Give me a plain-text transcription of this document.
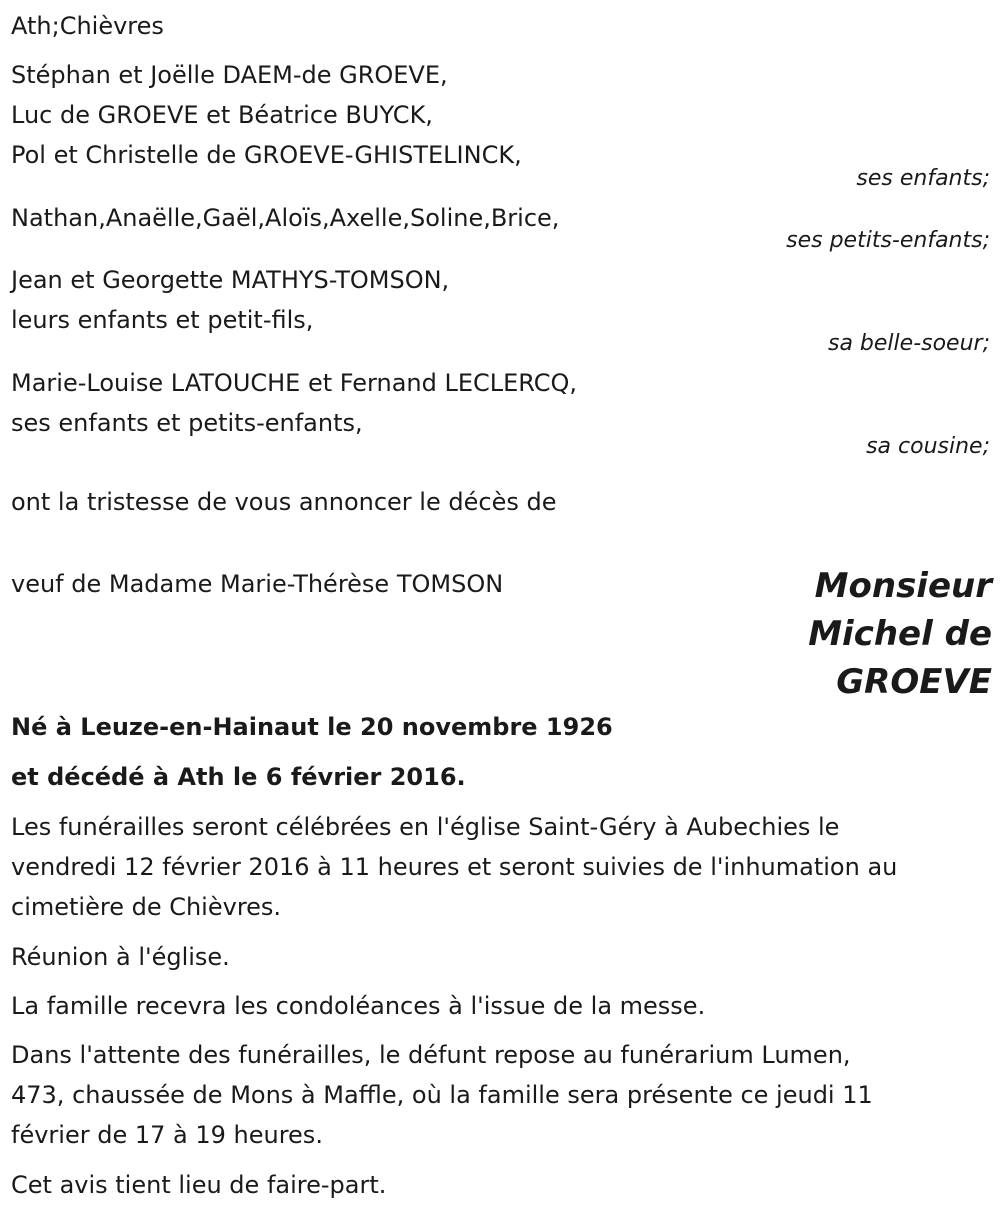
Ath;Chièvres
Stéphan et Joëlle DAEM-de GROEVE,
Luc de GROEVE et Béatrice BUYCK,
Pol et Christelle de GROEVE-GHISTELINCK,
ses enfants;
Nathan,Anaëlle,Gaël,Aloïs,Axelle,Soline,Brice,
ses petits-enfants;
Jean et Georgette MATHYS-TOMSON,
leurs enfants et petit-fils,
sa belle-soeur;
Marie-Louise LATOUCHE et Fernand LECLERCQ,
ses enfants et petits-enfants,
sa cousine;
ont la tristesse de vous annoncer le décès de
veuf de Madame Marie-Thérèse TOMSON	Monsieur
Michel de
GROEVE
Né à Leuze-en-Hainaut le 20 novembre 1926
et décédé à Ath le 6 février 2016.
Les funérailles seront célébrées en l'église Saint-Géry à Aubechies le
vendredi 12 février 2016 à 11 heures et seront suivies de l'inhumation au
cimetière de Chièvres.
Réunion à l'église.
La famille recevra les condoléances à l'issue de la messe.
Dans l'attente des funérailles, le défunt repose au funérarium Lumen,
473, chaussée de Mons à Maffle, où la famille sera présente ce jeudi 11
février de 17 à 19 heures.
Cet avis tient lieu de faire-part.
